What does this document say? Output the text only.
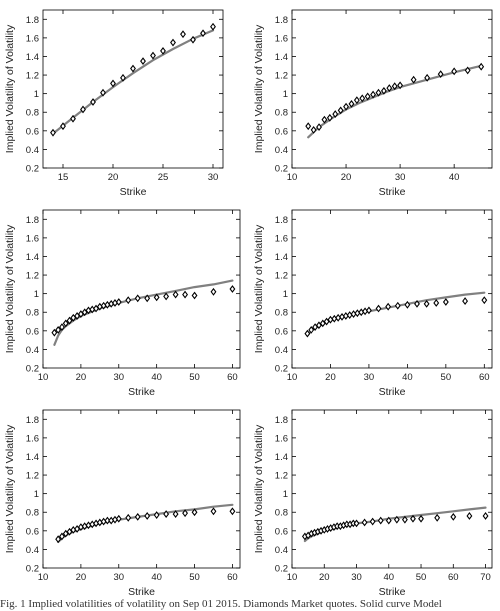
15	20	25	30
0.2
0.4
0.6
0.8
1
1.2
1.4
1.6
1.8
Strike
Implied Volatility of Volatility
10	20	30	40
0.2
0.4
0.6
0.8
1
1.2
1.4
1.6
1.8
Strike
Implied Volatility of Volatility
10	20	30	40	50	60
0.2
0.4
0.6
0.8
1
1.2
1.4
1.6
1.8
Strike
Implied Volatility of Volatility
10	20	30	40	50	60
0.2
0.4
0.6
0.8
1
1.2
1.4
1.6
1.8
Strike
Implied Volatility of Volatility
10	20	30	40	50	60
0.2
0.4
0.6
0.8
1
1.2
1.4
1.6
1.8
Strike
Implied Volatility of Volatility
10 20 30 40 50 60 70
0.2
0.4
0.6
0.8
1
1.2
1.4
1.6
1.8
Strike
Implied Volatility of Volatility
Fig. 1 Implied volatilities of volatility on Sep 01 2015. Diamonds Market quotes. Solid curve Model
